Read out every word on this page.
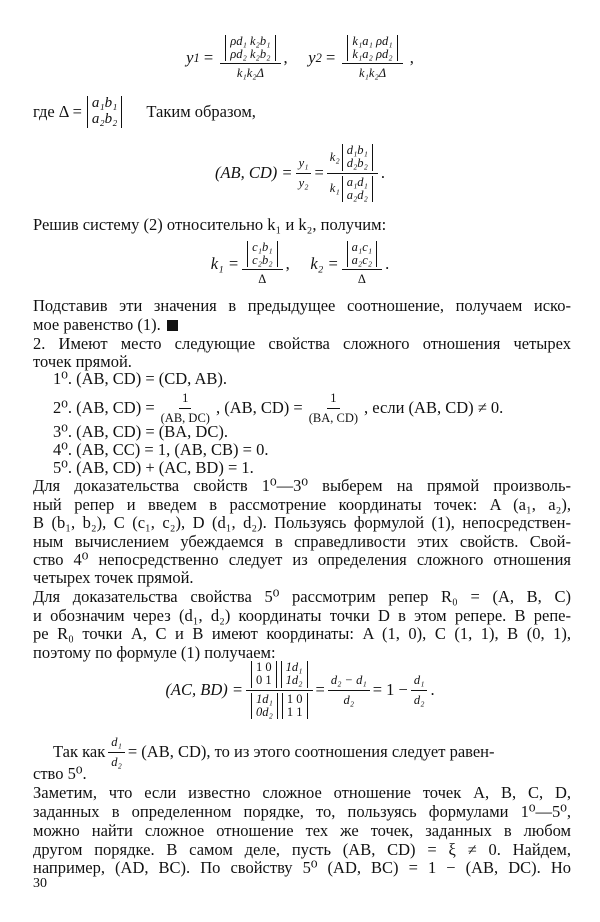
y 1 = ρd₁ k₂b₁
ρd₂ k₂b₂
k₁k₂Δ , y 2 = k₁a₁ ρd₁
k₁a₂ ρd₂
k₁k₂Δ ,
где Δ = a₁b₁
a₂b₂ Таким образом,
(AB, $CD) = \frac{\text{y₁}}{\text{y₂}} = k_2$ d₁b₁
d₂b₂
k₁ a₁d₁
a₂d₂ .
Решив систему (2) относительно k₁ и k₂, получим:
k₁ = c₁b₁
c₂b₂
Δ , k₂ = a₁c₁
a₂c₂
Δ .
Подставив эти значения в предыдущее соотношение, получаем иско-
мое равенство (1).
2. Имеют место следующие свойства сложного отношения четырех
точек прямой.
1⁰. (AB, CD) = (CD, AB).
2⁰. (AB, $CD) = \frac{1}{(AB, DC)}$ , (AB, $CD) = \frac{1}{(BA, CD)}$ , если (AB, CD) ≠ 0.
3⁰. (AB, CD) = (BA, DC).
4⁰. (AB, CC) = 1, (AB, CB) = 0.
5⁰. (AB, CD) + (AC, BD) = 1.
Для доказательства свойств 1⁰—3⁰ выберем на прямой произволь-
ный репер и введем в рассмотрение координаты точек: A (a₁, a₂),
B (b₁, b₂), C (c₁, c₂), D (d₁, d₂). Пользуясь формулой (1), непосредствен-
ным вычислением убеждаемся в справедливости этих свойств. Свой-
ство 4⁰ непосредственно следует из определения сложного отношения
четырех точек прямой.
Для доказательства свойства 5⁰ рассмотрим репер R₀ = (A, B, C)
и обозначим через (d₁, d₂) координаты точки D в этом репере. В репе-
ре R₀ точки A, C и B имеют координаты: A (1, 0), C (1, 1), B (0, 1),
поэтому по формуле (1) получаем:
(AC, BD) = 1 0
0 1
1d₁
1d₂
1d₁
0d₂
1 0
1 $1 = \frac{\text{d₂ − d₁}}{\text{d₂}} = 1 - \frac{\text{d₁}}{\text{d₂}}$ .
Так как $\frac{\text{d₁}}{\text{d₂}} = (AB$, CD), то из этого соотношения следует равен-
ство 5⁰.
Заметим, что если известно сложное отношение точек A, B, C, D,
заданных в определенном порядке, то, пользуясь формулами 1⁰—5⁰,
можно найти сложное отношение тех же точек, заданных в любом
другом порядке. В самом деле, пусть (AB, CD) = ξ ≠ 0. Найдем,
например, (AD, BC). По свойству 5⁰ (AD, BC) = 1 − (AB, DC). Но
30
